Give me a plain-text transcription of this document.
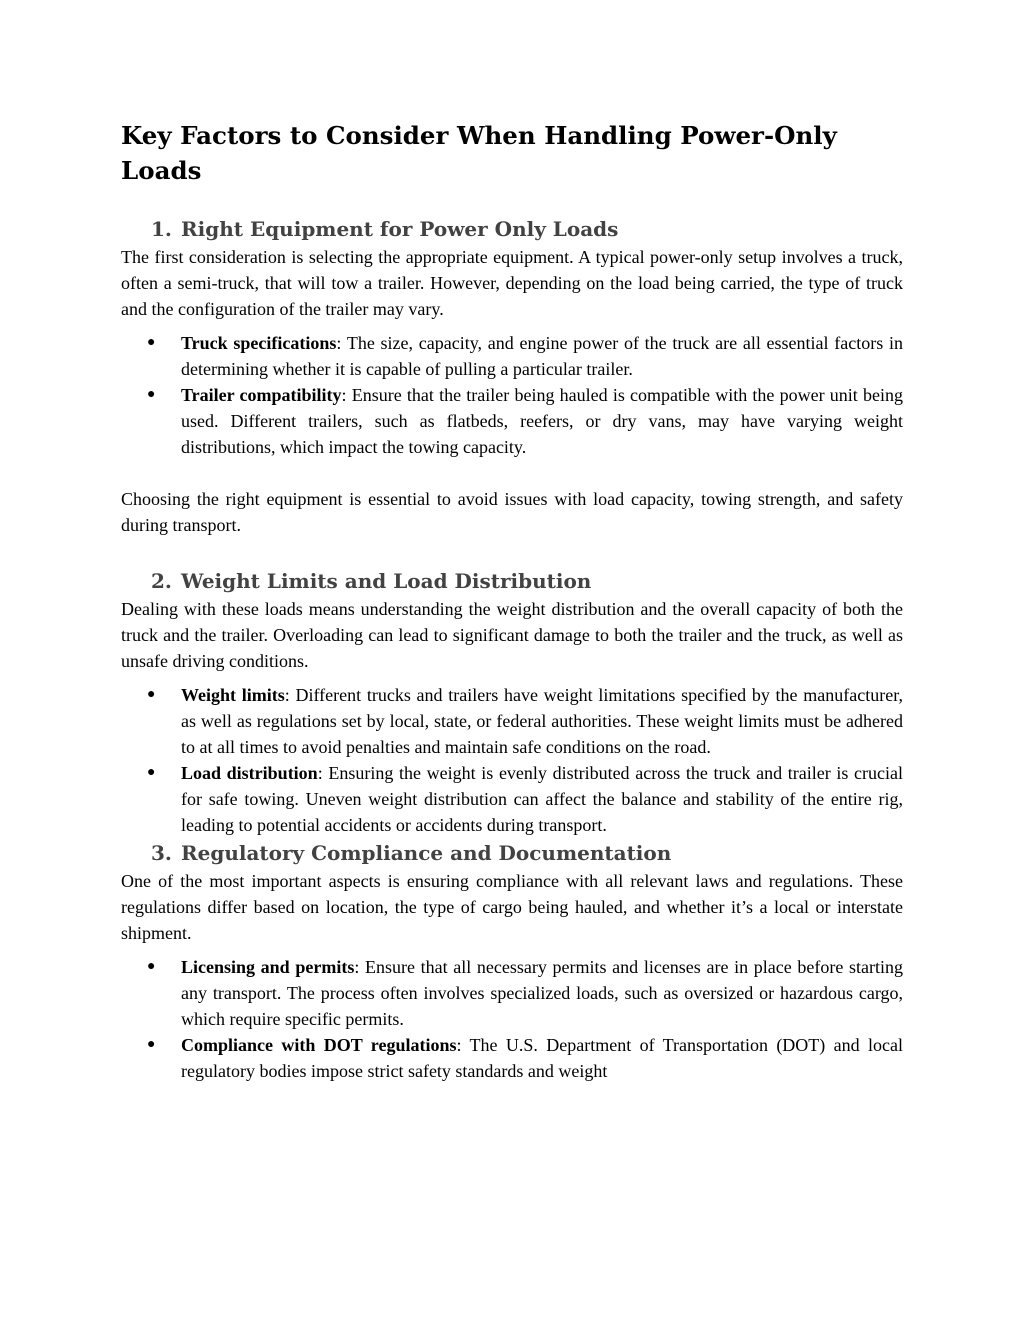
Key Factors to Consider When Handling Power-Only Loads
1. Right Equipment for Power Only Loads

The first consideration is selecting the appropriate equipment. A typical power-only setup involves a truck, often a semi-truck, that will tow a trailer. However, depending on the load being carried, the type of truck and the configuration of the trailer may vary.

● Truck specifications: The size, capacity, and engine power of the truck are all essential factors in determining whether it is capable of pulling a particular trailer.
● Trailer compatibility: Ensure that the trailer being hauled is compatible with the power unit being used. Different trailers, such as flatbeds, reefers, or dry vans, may have varying weight distributions, which impact the towing capacity.

Choosing the right equipment is essential to avoid issues with load capacity, towing strength, and safety during transport.

2. Weight Limits and Load Distribution

Dealing with these loads means understanding the weight distribution and the overall capacity of both the truck and the trailer. Overloading can lead to significant damage to both the trailer and the truck, as well as unsafe driving conditions.

● Weight limits: Different trucks and trailers have weight limitations specified by the manufacturer, as well as regulations set by local, state, or federal authorities. These weight limits must be adhered to at all times to avoid penalties and maintain safe conditions on the road.
● Load distribution: Ensuring the weight is evenly distributed across the truck and trailer is crucial for safe towing. Uneven weight distribution can affect the balance and stability of the entire rig, leading to potential accidents or accidents during transport.
3. Regulatory Compliance and Documentation

One of the most important aspects is ensuring compliance with all relevant laws and regulations. These regulations differ based on location, the type of cargo being hauled, and whether it’s a local or interstate shipment.

● Licensing and permits: Ensure that all necessary permits and licenses are in place before starting any transport. The process often involves specialized loads, such as oversized or hazardous cargo, which require specific permits.
● Compliance with DOT regulations: The U.S. Department of Transportation (DOT) and local regulatory bodies impose strict safety standards and weight
